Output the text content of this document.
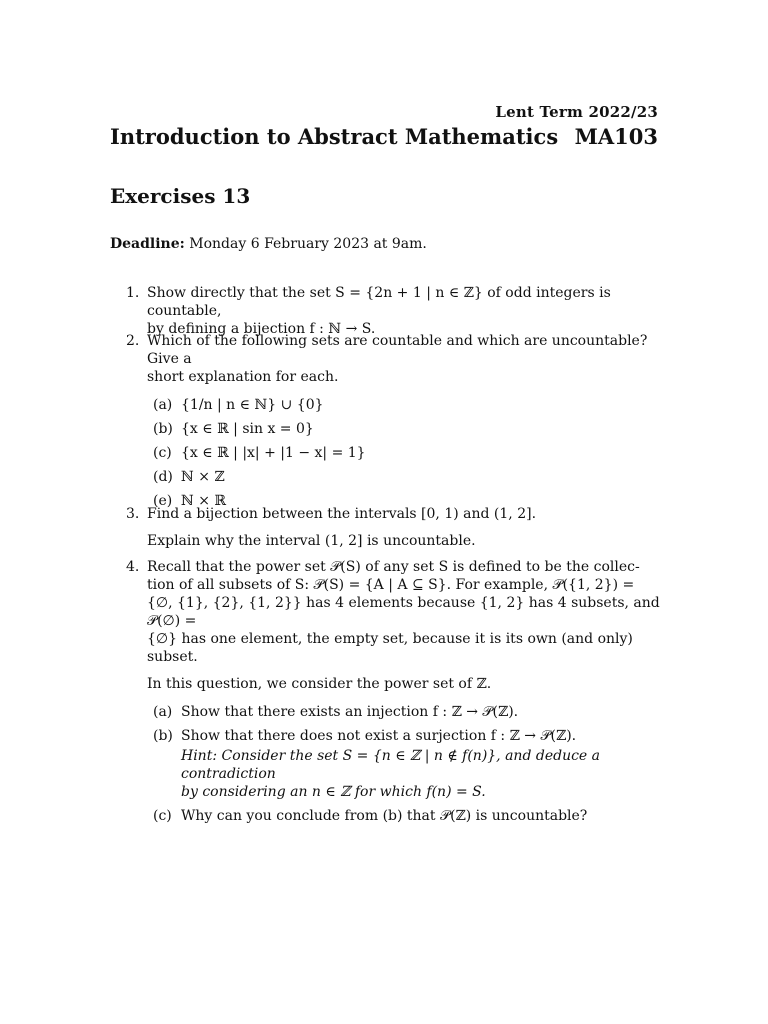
Lent Term 2022/23
Introduction to Abstract Mathematics MA103
Exercises 13
Deadline: Monday 6 February 2023 at 9am.
1. Show directly that the set S = {2n + 1 | n ∈ ℤ} of odd integers is countable,

by defining a bijection f : ℕ → S.

2. Which of the following sets are countable and which are uncountable? Give a

short explanation for each.

(a) {1/n | n ∈ ℕ} ∪ {0}
(b) {x ∈ ℝ | sin x = 0}
(c) {x ∈ ℝ | |x| + |1 − x| = 1}
(d) ℕ × ℤ
(e) ℕ × ℝ
3. Find a bijection between the intervals [0, 1) and (1, 2].

Explain why the interval (1, 2] is uncountable.

4. Recall that the power set 𝒫(S) of any set S is defined to be the collec-

tion of all subsets of S: 𝒫(S) = {A | A ⊆ S}. For example, 𝒫({1, 2}) =

{∅, {1}, {2}, {1, 2}} has 4 elements because {1, 2} has 4 subsets, and 𝒫(∅) =

{∅} has one element, the empty set, because it is its own (and only) subset.

In this question, we consider the power set of ℤ.

(a) Show that there exists an injection f : ℤ → 𝒫(ℤ).
(b) Show that there does not exist a surjection f : ℤ → 𝒫(ℤ).
Hint: Consider the set S = {n ∈ ℤ | n ∉ f(n)}, and deduce a contradiction
by considering an n ∈ ℤ for which f(n) = S.
(c) Why can you conclude from (b) that 𝒫(ℤ) is uncountable?
